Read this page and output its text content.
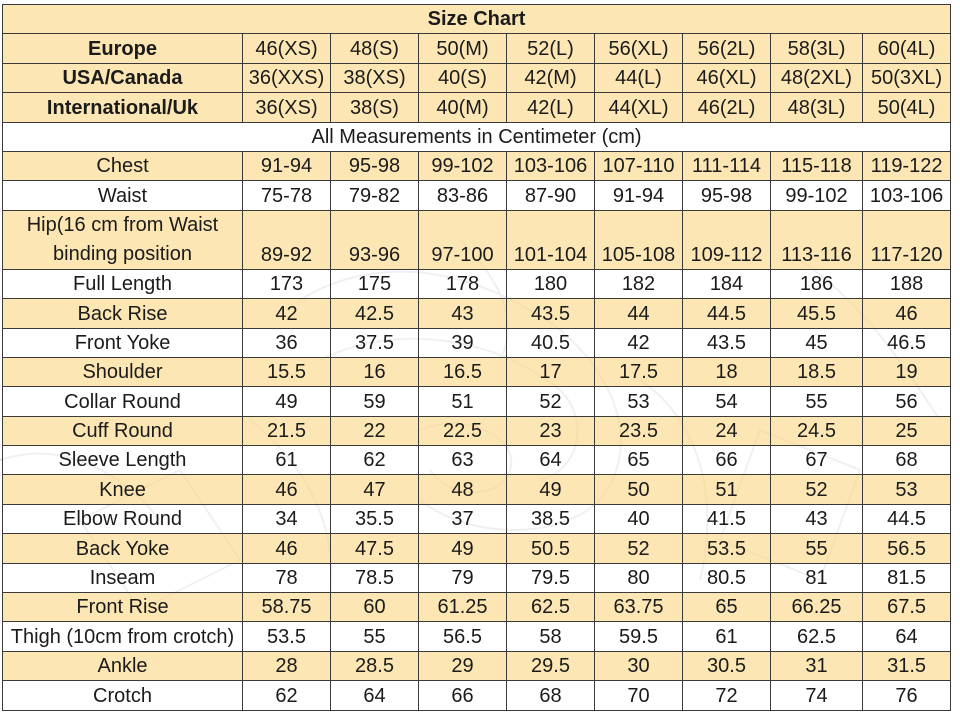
Size Chart								
Europe	46(XS)	48(S)	50(M)	52(L)	56(XL)	56(2L)	58(3L)	60(4L)
USA/Canada	36(XXS)	38(XS)	40(S)	42(M)	44(L)	46(XL)	48(2XL)	50(3XL)
International/Uk	36(XS)	38(S)	40(M)	42(L)	44(XL)	46(2L)	48(3L)	50(4L)
All Measurements in Centimeter (cm)								
Chest	91-94	95-98	99-102	103-106	107-110	111-114	115-118	119-122
Waist	75-78	79-82	83-86	87-90	91-94	95-98	99-102	103-106

Hip(16 cm from Waist
binding position	89-92	93-96	97-100	101-104	105-108	109-112	113-116	117-120
Full Length	173	175	178	180	182	184	186	188
Back Rise	42	42.5	43	43.5	44	44.5	45.5	46
Front Yoke	36	37.5	39	40.5	42	43.5	45	46.5
Shoulder	15.5	16	16.5	17	17.5	18	18.5	19
Collar Round	49	59	51	52	53	54	55	56
Cuff Round	21.5	22	22.5	23	23.5	24	24.5	25
Sleeve Length	61	62	63	64	65	66	67	68
Knee	46	47	48	49	50	51	52	53
Elbow Round	34	35.5	37	38.5	40	41.5	43	44.5
Back Yoke	46	47.5	49	50.5	52	53.5	55	56.5
Inseam	78	78.5	79	79.5	80	80.5	81	81.5
Front Rise	58.75	60	61.25	62.5	63.75	65	66.25	67.5
Thigh (10cm from crotch)	53.5	55	56.5	58	59.5	61	62.5	64
Ankle	28	28.5	29	29.5	30	30.5	31	31.5
Crotch	62	64	66	68	70	72	74	76
